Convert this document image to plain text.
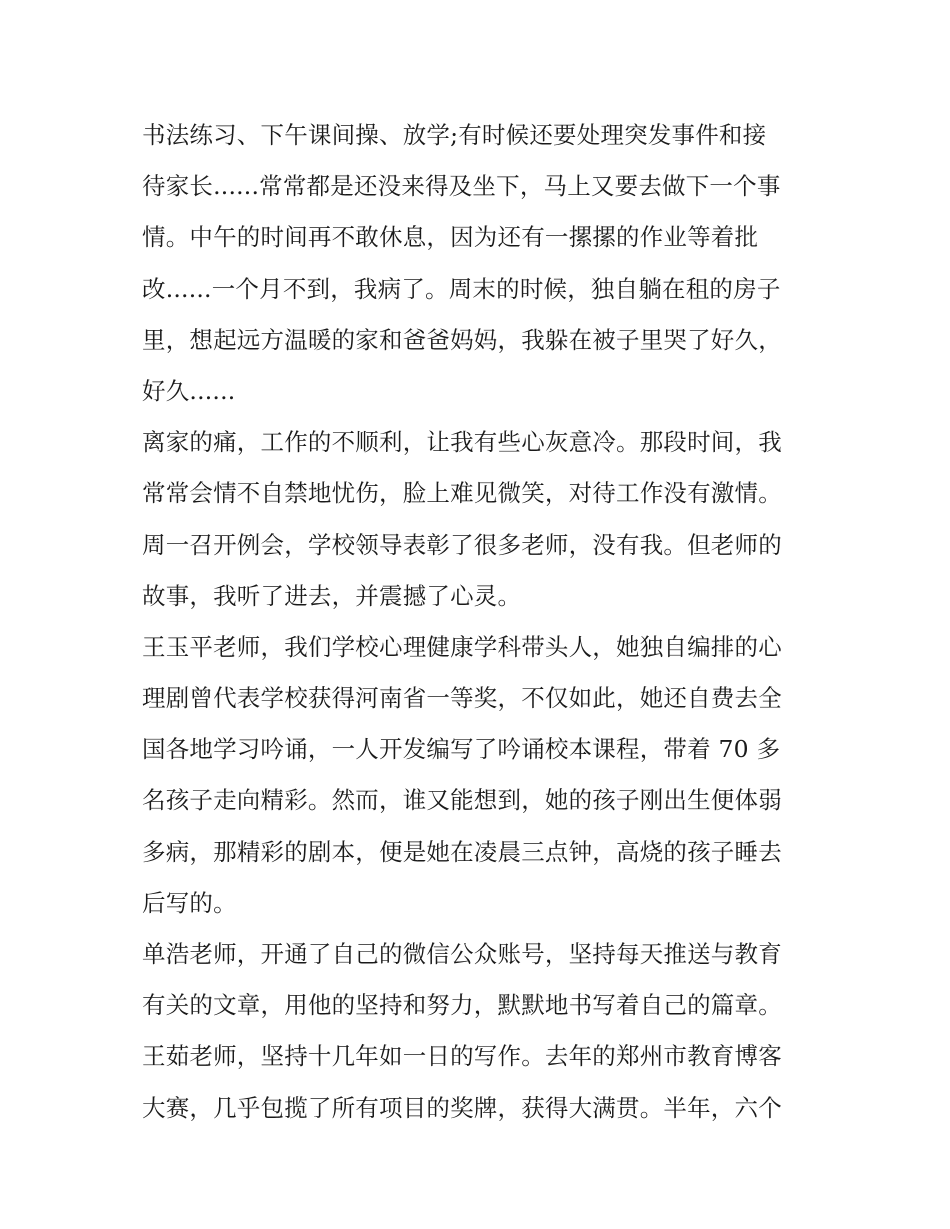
书法练习、下午课间操、放学;有时候还要处理突发事件和接
待家长......常常都是还没来得及坐下，马上又要去做下一个事
情。中午的时间再不敢休息，因为还有一摞摞的作业等着批
改......一个月不到，我病了。周末的时候，独自躺在租的房子
里，想起远方温暖的家和爸爸妈妈，我躲在被子里哭了好久，
好久......
离家的痛，工作的不顺利，让我有些心灰意冷。那段时间，我
常常会情不自禁地忧伤，脸上难见微笑，对待工作没有激情。
周一召开例会，学校领导表彰了很多老师，没有我。但老师的
故事，我听了进去，并震撼了心灵。
王玉平老师，我们学校心理健康学科带头人，她独自编排的心
理剧曾代表学校获得河南省一等奖，不仅如此，她还自费去全
国各地学习吟诵，一人开发编写了吟诵校本课程，带着 70 多
名孩子走向精彩。然而，谁又能想到，她的孩子刚出生便体弱
多病，那精彩的剧本，便是她在凌晨三点钟，高烧的孩子睡去
后写的。
单浩老师，开通了自己的微信公众账号，坚持每天推送与教育
有关的文章，用他的坚持和努力，默默地书写着自己的篇章。
王茹老师，坚持十几年如一日的写作。去年的郑州市教育博客
大赛，几乎包揽了所有项目的奖牌，获得大满贯。半年，六个
